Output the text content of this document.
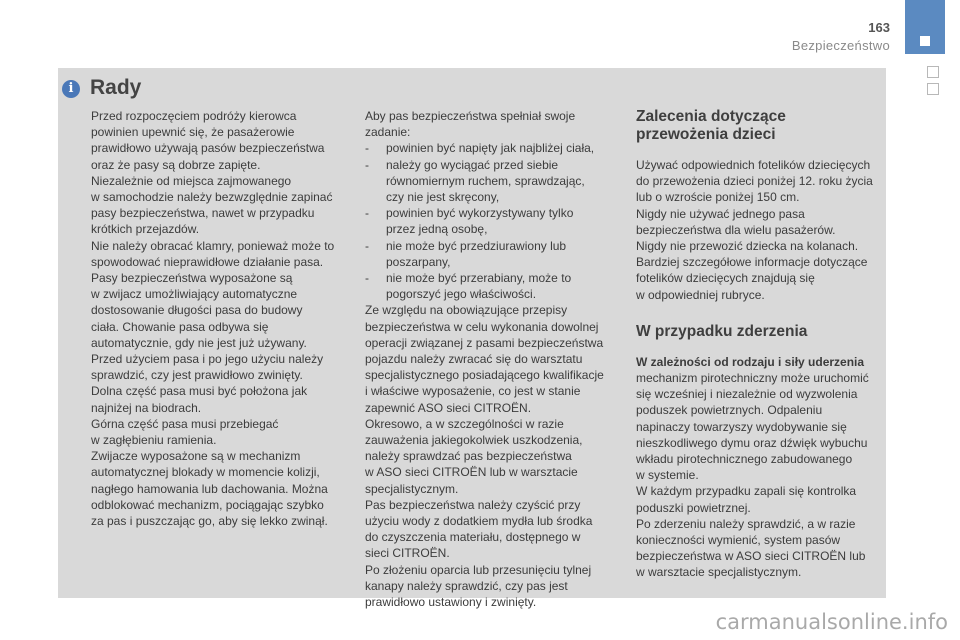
163
Bezpieczeństwo
i Rady

Przed rozpoczęciem podróży kierowca

powinien upewnić się, że pasażerowie

prawidłowo używają pasów bezpieczeństwa

oraz że pasy są dobrze zapięte.

Niezależnie od miejsca zajmowanego

w samochodzie należy bezwzględnie zapinać

pasy bezpieczeństwa, nawet w przypadku

krótkich przejazdów.

Nie należy obracać klamry, ponieważ może to

spowodować nieprawidłowe działanie pasa.

Pasy bezpieczeństwa wyposażone są

w zwijacz umożliwiający automatyczne

dostosowanie długości pasa do budowy

ciała. Chowanie pasa odbywa się

automatycznie, gdy nie jest już używany.

Przed użyciem pasa i po jego użyciu należy

sprawdzić, czy jest prawidłowo zwinięty.

Dolna część pasa musi być położona jak

najniżej na biodrach.

Górna część pasa musi przebiegać

w zagłębieniu ramienia.

Zwijacze wyposażone są w mechanizm

automatycznej blokady w momencie kolizji,

nagłego hamowania lub dachowania. Można

odblokować mechanizm, pociągając szybko

za pas i puszczając go, aby się lekko zwinął.

Aby pas bezpieczeństwa spełniał swoje

zadanie:

- powinien być napięty jak najbliżej ciała,

- należy go wyciągać przed siebie

równomiernym ruchem, sprawdzając,

czy nie jest skręcony,

- powinien być wykorzystywany tylko

przez jedną osobę,

- nie może być przedziurawiony lub

poszarpany,

- nie może być przerabiany, może to

pogorszyć jego właściwości.

Ze względu na obowiązujące przepisy

bezpieczeństwa w celu wykonania dowolnej

operacji związanej z pasami bezpieczeństwa

pojazdu należy zwracać się do warsztatu

specjalistycznego posiadającego kwalifikacje

i właściwe wyposażenie, co jest w stanie

zapewnić ASO sieci CITROËN.

Okresowo, a w szczególności w razie

zauważenia jakiegokolwiek uszkodzenia,

należy sprawdzać pas bezpieczeństwa

w ASO sieci CITROËN lub w warsztacie

specjalistycznym.

Pas bezpieczeństwa należy czyścić przy

użyciu wody z dodatkiem mydła lub środka

do czyszczenia materiału, dostępnego w

sieci CITROËN.

Po złożeniu oparcia lub przesunięciu tylnej

kanapy należy sprawdzić, czy pas jest

prawidłowo ustawiony i zwinięty.

Zalecenia dotyczące

przewożenia dzieci

Używać odpowiednich fotelików dziecięcych

do przewożenia dzieci poniżej 12. roku życia

lub o wzroście poniżej 150 cm.

Nigdy nie używać jednego pasa

bezpieczeństwa dla wielu pasażerów.

Nigdy nie przewozić dziecka na kolanach.

Bardziej szczegółowe informacje dotyczące

fotelików dziecięcych znajdują się

w odpowiedniej rubryce.

W przypadku zderzenia
W zależności od rodzaju i siły uderzenia

mechanizm pirotechniczny może uruchomić

się wcześniej i niezależnie od wyzwolenia

poduszek powietrznych. Odpaleniu

napinaczy towarzyszy wydobywanie się

nieszkodliwego dymu oraz dźwięk wybuchu

wkładu pirotechnicznego zabudowanego

w systemie.

W każdym przypadku zapali się kontrolka

poduszki powietrznej.

Po zderzeniu należy sprawdzić, a w razie

konieczności wymienić, system pasów

bezpieczeństwa w ASO sieci CITROËN lub

w warsztacie specjalistycznym.

carmanualsonline.info
